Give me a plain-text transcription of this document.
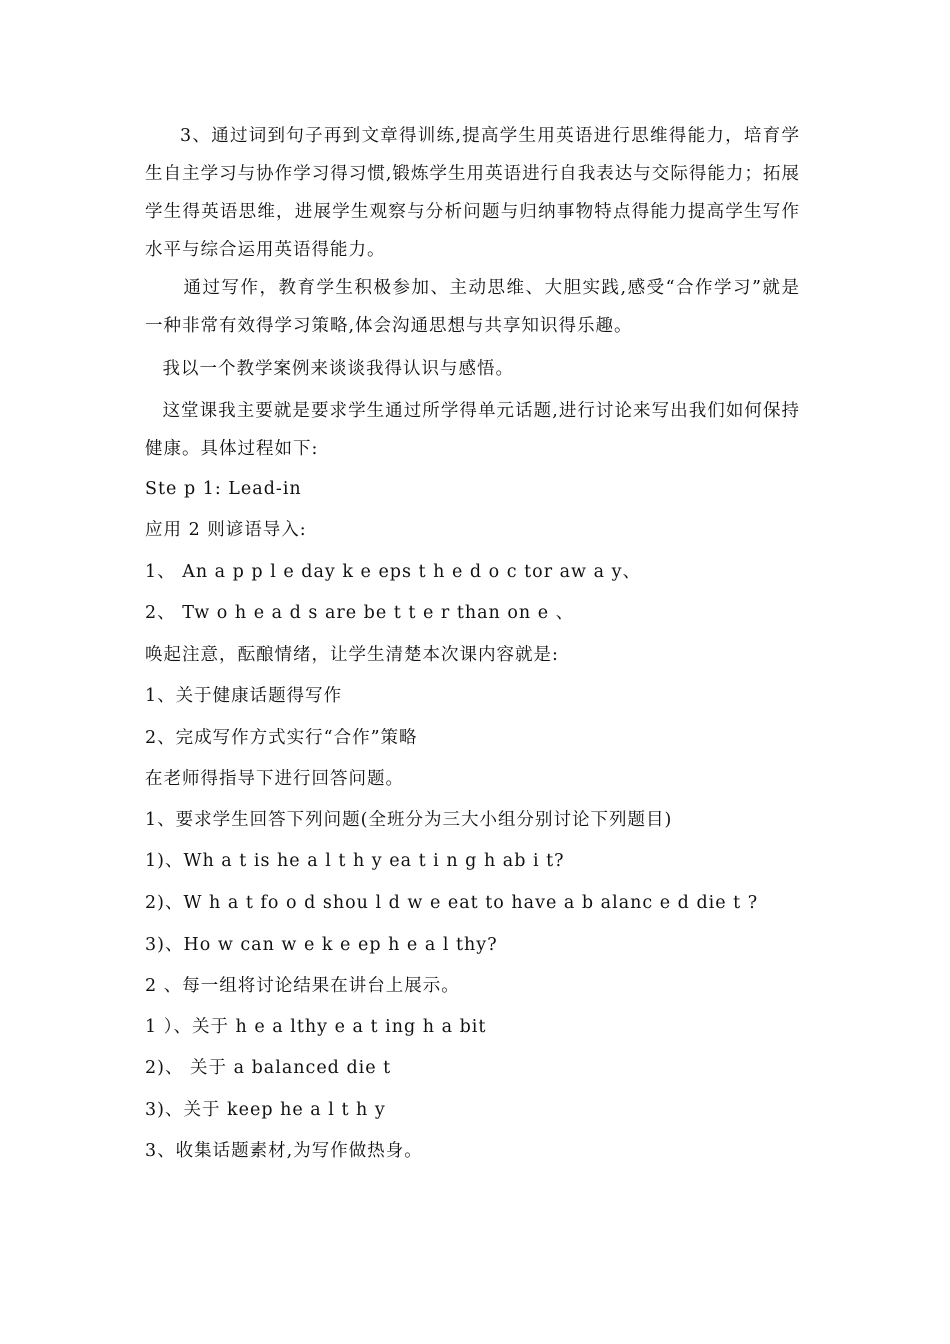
3、通过词到句子再到文章得训练,提高学生用英语进行思维得能力，培育学生自主学习与协作学习得习惯,锻炼学生用英语进行自我表达与交际得能力；拓展学生得英语思维，进展学生观察与分析问题与归纳事物特点得能力提高学生写作水平与综合运用英语得能力。
通过写作，教育学生积极参加、主动思维、大胆实践,感受“合作学习”就是一种非常有效得学习策略,体会沟通思想与共享知识得乐趣。
我以一个教学案例来谈谈我得认识与感悟。
这堂课我主要就是要求学生通过所学得单元话题,进行讨论来写出我们如何保持健康。具体过程如下:
Ste p 1: Lead-in
应用 2 则谚语导入:
1、 An a p p l e day k e eps t h e d o c tor aw a y、
2、 Tw o h e a d s are be t t e r than on e 、
唤起注意，酝酿情绪，让学生清楚本次课内容就是:
1、关于健康话题得写作
2、完成写作方式实行“合作”策略
在老师得指导下进行回答问题。
1、要求学生回答下列问题(全班分为三大小组分别讨论下列题目)
1)、Wh a t is he a l t h y ea t i n g h ab i t?
2)、W h a t fo o d shou l d w e eat to have a b alanc e d die t ?
3)、Ho w can w e k e ep h e a l thy?
2 、每一组将讨论结果在讲台上展示。
1 ）、关于 h e a lthy e a t ing h a bit
2)、 关于 a balanced die t
3)、关于 keep he a l t h y
3、收集话题素材,为写作做热身。
